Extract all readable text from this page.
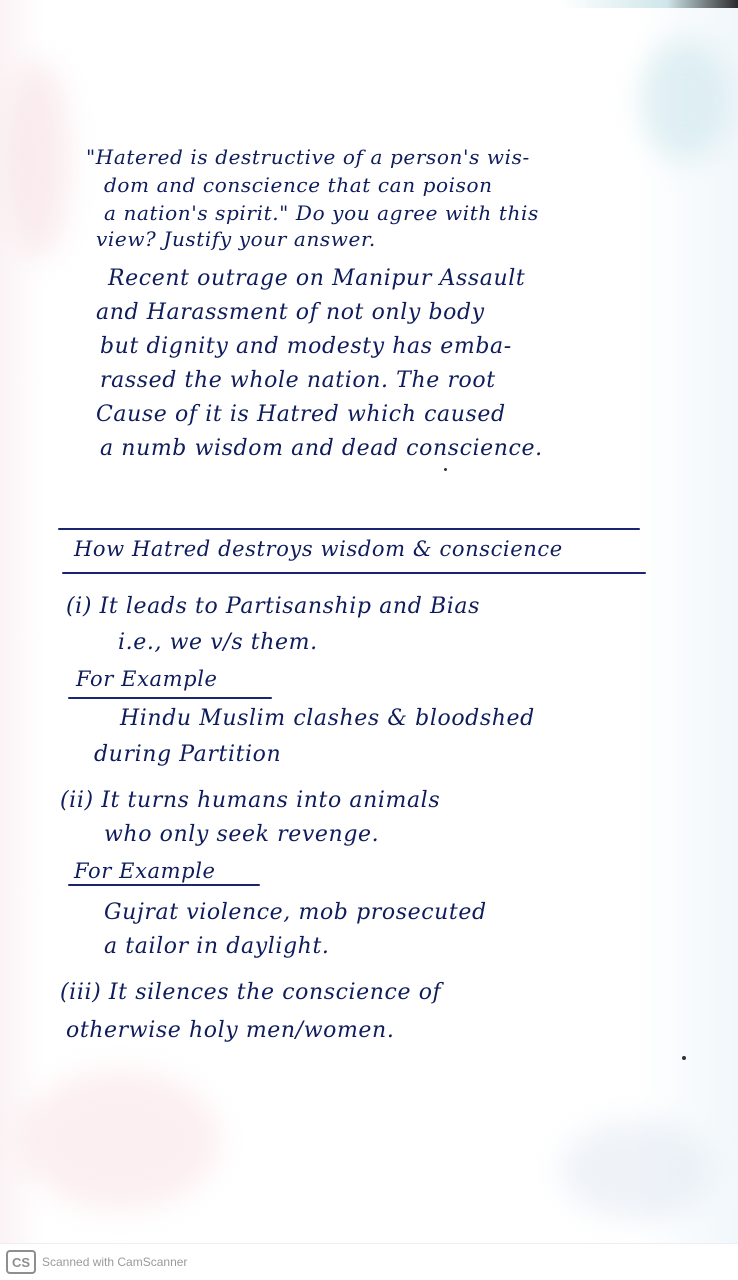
"Hatered is destructive of a person's wis-
dom and conscience that can poison
a nation's spirit." Do you agree with this
view? Justify your answer.
Recent outrage on Manipur Assault
and Harassment of not only body
but dignity and modesty has emba-
rassed the whole nation. The root
Cause of it is Hatred which caused
a numb wisdom and dead conscience.
How Hatred destroys wisdom & conscience
(i) It leads to Partisanship and Bias
i.e., we v/s them.
For Example
Hindu Muslim clashes & bloodshed
during Partition
(ii) It turns humans into animals
who only seek revenge.
For Example
Gujrat violence, mob prosecuted
a tailor in daylight.
(iii) It silences the conscience of
otherwise holy men/women.
CS Scanned with CamScanner
